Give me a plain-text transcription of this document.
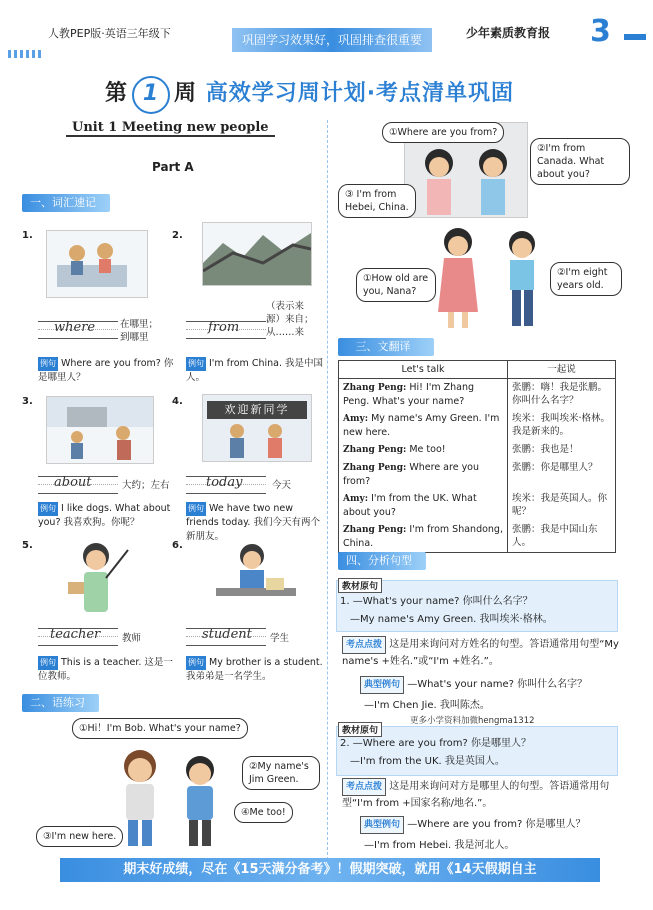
人教PEP版·英语三年级下	巩固学习效果好，巩固排查很重要	少年素质教育报 3
第 1 周 高效学习周计划·考点清单巩固
Unit 1 Meeting new people
Part A
一、词汇速记
1.
where	在哪里；
到哪里
例句 Where are you from? 你是哪里人？
2.
from
（表示来源）来自；从……来
例句 I'm from China. 我是中国人。
3.
about	大约；左右
例句 I like dogs. What about you? 我喜欢狗。你呢？
4.
欢迎新同学
today	今天
例句 We have two new friends today. 我们今天有两个新朋友。
5.
teacher 教师
例句 This is a teacher. 这是一位教师。
6.
student 学生
例句 My brother is a student. 我弟弟是一名学生。
二、语练习
①Hi！I'm Bob. What's your name?
②My name's Jim Green.
③I'm new here.
④Me too!
①Where are you from?
②I'm from Canada. What about you?
③ I'm from Hebei, China.
①How old are you, Nana?
②I'm eight years old.
三、文翻译
Let's talk	一起说
Zhang Peng: Hi! I'm Zhang Peng. What's your name?	张鹏：嗨！我是张鹏。你叫什么名字？
Amy: My name's Amy Green. I'm new here.	埃米：我叫埃米·格林。我是新来的。
Zhang Peng: Me too!	张鹏：我也是！
Zhang Peng: Where are you from?	张鹏：你是哪里人？
Amy: I'm from the UK. What about you?	埃米：我是英国人。你呢？
Zhang Peng: I'm from Shandong, China.	张鹏：我是中国山东人。
四、分析句型
教材原句
1. —What's your name? 你叫什么名字？
—My name's Amy Green. 我叫埃米·格林。
考点点拨 这是用来询问对方姓名的句型。答语通常用句型“My name's +姓名.”或“I'm +姓名.”。
典型例句 —What's your name? 你叫什么名字？
—I'm Chen Jie. 我叫陈杰。
更多小学资料加微hengma1312
教材原句
2. —Where are you from? 你是哪里人？
—I'm from the UK. 我是英国人。
考点点拨 这是用来询问对方是哪里人的句型。答语通常用句型“I'm from +国家名称/地名.”。
典型例句 —Where are you from? 你是哪里人？
—I'm from Hebei. 我是河北人。
期末好成绩，尽在《15天满分备考》！假期突破，就用《14天假期自主
